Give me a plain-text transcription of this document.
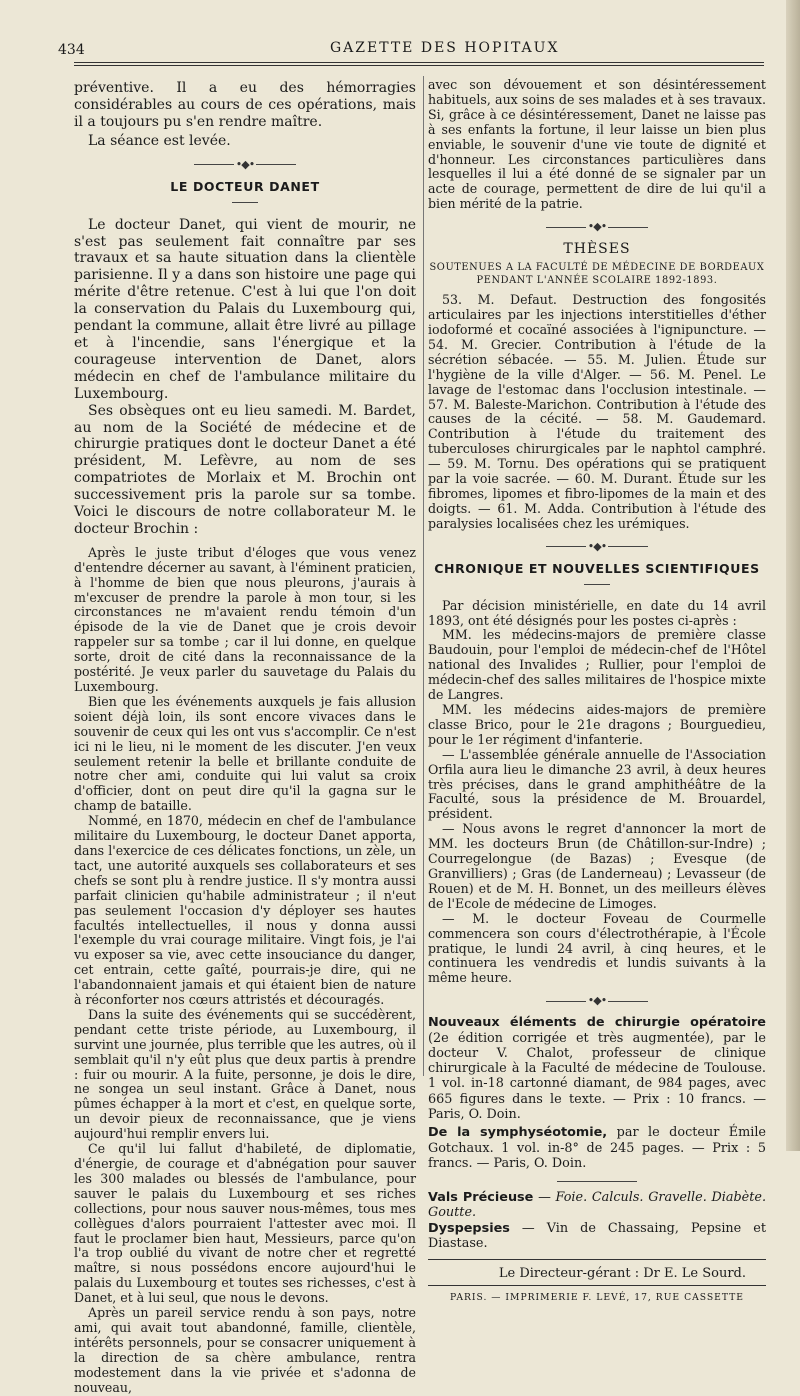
434	GAZETTE DES HOPITAUX

préventive. Il a eu des hémorragies considérables au cours de ces opérations, mais il a toujours pu s'en rendre maître.

La séance est levée.

•◆•
LE DOCTEUR DANET

Le docteur Danet, qui vient de mourir, ne s'est pas seulement fait connaître par ses travaux et sa haute situation dans la clientèle parisienne. Il y a dans son histoire une page qui mérite d'être retenue. C'est à lui que l'on doit la conservation du Palais du Luxembourg qui, pendant la commune, allait être livré au pillage et à l'incendie, sans l'énergique et la courageuse intervention de Danet, alors médecin en chef de l'ambulance militaire du Luxembourg.

Ses obsèques ont eu lieu samedi. M. Bardet, au nom de la Société de médecine et de chirurgie pratiques dont le docteur Danet a été président, M. Lefèvre, au nom de ses compatriotes de Morlaix et M. Brochin ont successivement pris la parole sur sa tombe. Voici le discours de notre collaborateur M. le docteur Brochin :

Après le juste tribut d'éloges que vous venez d'entendre décerner au savant, à l'éminent praticien, à l'homme de bien que nous pleurons, j'aurais à m'excuser de prendre la parole à mon tour, si les circonstances ne m'avaient rendu témoin d'un épisode de la vie de Danet que je crois devoir rappeler sur sa tombe ; car il lui donne, en quelque sorte, droit de cité dans la reconnaissance de la postérité. Je veux parler du sauvetage du Palais du Luxembourg.

Bien que les événements auxquels je fais allusion soient déjà loin, ils sont encore vivaces dans le souvenir de ceux qui les ont vus s'accomplir. Ce n'est ici ni le lieu, ni le moment de les discuter. J'en veux seulement retenir la belle et brillante conduite de notre cher ami, conduite qui lui valut sa croix d'officier, dont on peut dire qu'il la gagna sur le champ de bataille.

Nommé, en 1870, médecin en chef de l'ambulance militaire du Luxembourg, le docteur Danet apporta, dans l'exercice de ces délicates fonctions, un zèle, un tact, une autorité auxquels ses collaborateurs et ses chefs se sont plu à rendre justice. Il s'y montra aussi parfait clinicien qu'habile administrateur ; il n'eut pas seulement l'occasion d'y déployer ses hautes facultés intellectuelles, il nous y donna aussi l'exemple du vrai courage militaire. Vingt fois, je l'ai vu exposer sa vie, avec cette insouciance du danger, cet entrain, cette gaîté, pourrais-je dire, qui ne l'abandonnaient jamais et qui étaient bien de nature à réconforter nos cœurs attristés et découragés.

Dans la suite des événements qui se succédèrent, pendant cette triste période, au Luxembourg, il survint une journée, plus terrible que les autres, où il semblait qu'il n'y eût plus que deux partis à prendre : fuir ou mourir. A la fuite, personne, je dois le dire, ne songea un seul instant. Grâce à Danet, nous pûmes échapper à la mort et c'est, en quelque sorte, un devoir pieux de reconnaissance, que je viens aujourd'hui remplir envers lui.

Ce qu'il lui fallut d'habileté, de diplomatie, d'énergie, de courage et d'abnégation pour sauver les 300 malades ou blessés de l'ambulance, pour sauver le palais du Luxembourg et ses riches collections, pour nous sauver nous-mêmes, tous mes collègues d'alors pourraient l'attester avec moi. Il faut le proclamer bien haut, Messieurs, parce qu'on l'a trop oublié du vivant de notre cher et regretté maître, si nous possédons encore aujourd'hui le palais du Luxembourg et toutes ses richesses, c'est à Danet, et à lui seul, que nous le devons.

Après un pareil service rendu à son pays, notre ami, qui avait tout abandonné, famille, clientèle, intérêts personnels, pour se consacrer uniquement à la direction de sa chère ambulance, rentra modestement dans la vie privée et s'adonna de nouveau,

avec son dévouement et son désintéressement habituels, aux soins de ses malades et à ses travaux. Si, grâce à ce désintéressement, Danet ne laisse pas à ses enfants la fortune, il leur laisse un bien plus enviable, le souvenir d'une vie toute de dignité et d'honneur. Les circonstances particulières dans lesquelles il lui a été donné de se signaler par un acte de courage, permettent de dire de lui qu'il a bien mérité de la patrie.

•◆•
THÈSES
SOUTENUES A LA FACULTÉ DE MÉDECINE DE BORDEAUX
PENDANT L'ANNÉE SCOLAIRE 1892-1893.

53. M. Defaut. Destruction des fongosités articulaires par les injections interstitielles d'éther iodoformé et cocaïné associées à l'ignipuncture. — 54. M. Grecier. Contribution à l'étude de la sécrétion sébacée. — 55. M. Julien. Étude sur l'hygiène de la ville d'Alger. — 56. M. Penel. Le lavage de l'estomac dans l'occlusion intestinale. — 57. M. Baleste-Marichon. Contribution à l'étude des causes de la cécité. — 58. M. Gaudemard. Contribution à l'étude du traitement des tuberculoses chirurgicales par le naphtol camphré. — 59. M. Tornu. Des opérations qui se pratiquent par la voie sacrée. — 60. M. Durant. Étude sur les fibromes, lipomes et fibro-lipomes de la main et des doigts. — 61. M. Adda. Contribution à l'étude des paralysies localisées chez les urémiques.

•◆•
CHRONIQUE ET NOUVELLES SCIENTIFIQUES

Par décision ministérielle, en date du 14 avril 1893, ont été désignés pour les postes ci-après :

MM. les médecins-majors de première classe Baudouin, pour l'emploi de médecin-chef de l'Hôtel national des Invalides ; Rullier, pour l'emploi de médecin-chef des salles militaires de l'hospice mixte de Langres.

MM. les médecins aides-majors de première classe Brico, pour le 21e dragons ; Bourguedieu, pour le 1er régiment d'infanterie.

— L'assemblée générale annuelle de l'Association Orfila aura lieu le dimanche 23 avril, à deux heures très précises, dans le grand amphithéâtre de la Faculté, sous la présidence de M. Brouardel, président.

— Nous avons le regret d'annoncer la mort de MM. les docteurs Brun (de Châtillon-sur-Indre) ; Courregelongue (de Bazas) ; Evesque (de Granvilliers) ; Gras (de Landerneau) ; Levasseur (de Rouen) et de M. H. Bonnet, un des meilleurs élèves de l'Ecole de médecine de Limoges.

— M. le docteur Foveau de Courmelle commencera son cours d'électrothérapie, à l'École pratique, le lundi 24 avril, à cinq heures, et le continuera les vendredis et lundis suivants à la même heure.

•◆•

Nouveaux éléments de chirurgie opératoire (2e édition corrigée et très augmentée), par le docteur V. Chalot, professeur de clinique chirurgicale à la Faculté de médecine de Toulouse. 1 vol. in-18 cartonné diamant, de 984 pages, avec 665 figures dans le texte. — Prix : 10 francs. — Paris, O. Doin.

De la symphyséotomie, par le docteur Émile Gotchaux. 1 vol. in-8° de 245 pages. — Prix : 5 francs. — Paris, O. Doin.

Vals Précieuse — Foie. Calculs. Gravelle. Diabète. Goutte.

Dyspepsies — Vin de Chassaing, Pepsine et Diastase.

Le Directeur-gérant : Dr E. Le Sourd.
PARIS. — IMPRIMERIE F. LEVÉ, 17, RUE CASSETTE
